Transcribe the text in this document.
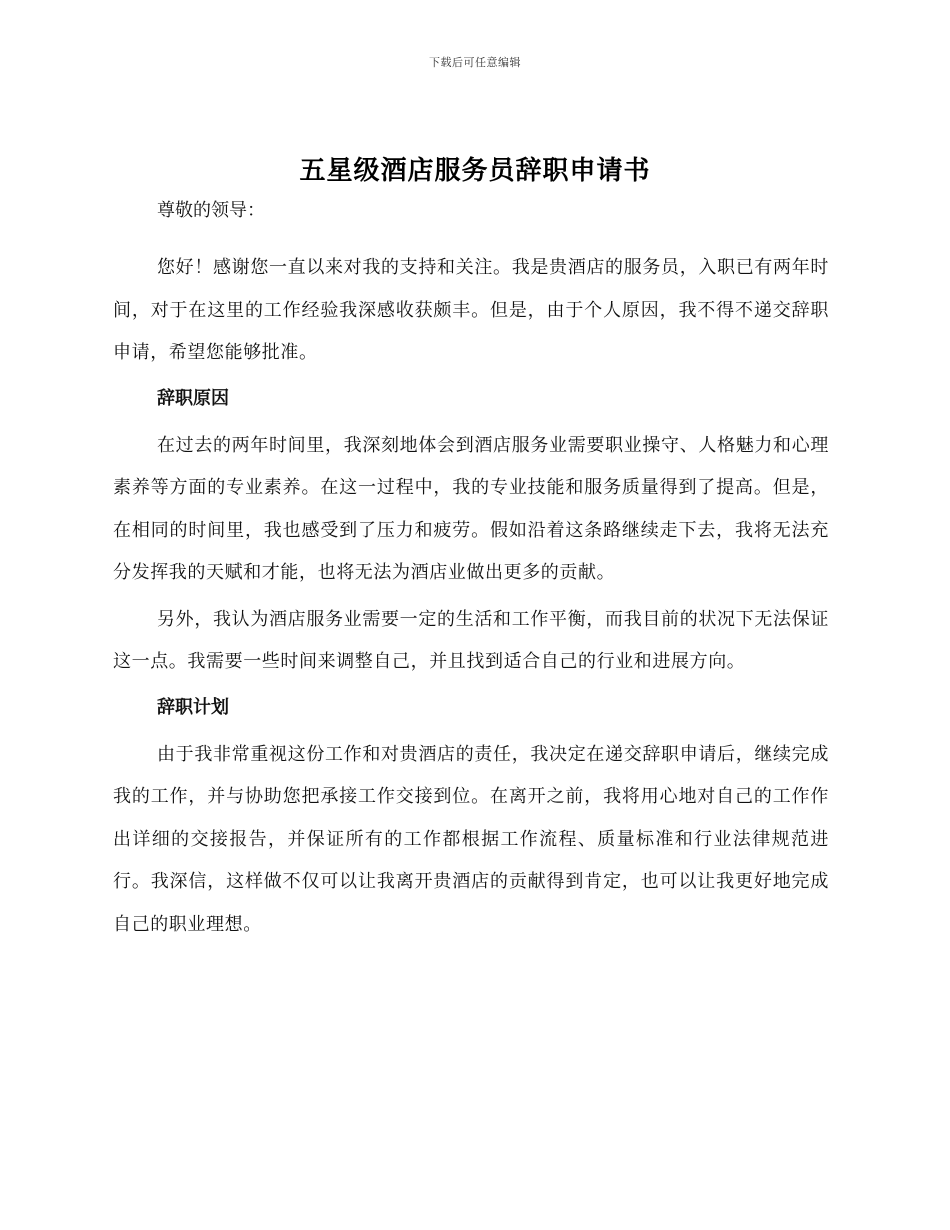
下载后可任意编辑
五星级酒店服务员辞职申请书

尊敬的领导：

您好！感谢您一直以来对我的支持和关注。我是贵酒店的服务员，入职已有两年时间，对于在这里的工作经验我深感收获颇丰。但是，由于个人原因，我不得不递交辞职申请，希望您能够批准。

辞职原因

在过去的两年时间里，我深刻地体会到酒店服务业需要职业操守、人格魅力和心理素养等方面的专业素养。在这一过程中，我的专业技能和服务质量得到了提高。但是，在相同的时间里，我也感受到了压力和疲劳。假如沿着这条路继续走下去，我将无法充分发挥我的天赋和才能，也将无法为酒店业做出更多的贡献。

另外，我认为酒店服务业需要一定的生活和工作平衡，而我目前的状况下无法保证这一点。我需要一些时间来调整自己，并且找到适合自己的行业和进展方向。

辞职计划

由于我非常重视这份工作和对贵酒店的责任，我决定在递交辞职申请后，继续完成我的工作，并与协助您把承接工作交接到位。在离开之前，我将用心地对自己的工作作出详细的交接报告，并保证所有的工作都根据工作流程、质量标准和行业法律规范进行。我深信，这样做不仅可以让我离开贵酒店的贡献得到肯定，也可以让我更好地完成自己的职业理想。
